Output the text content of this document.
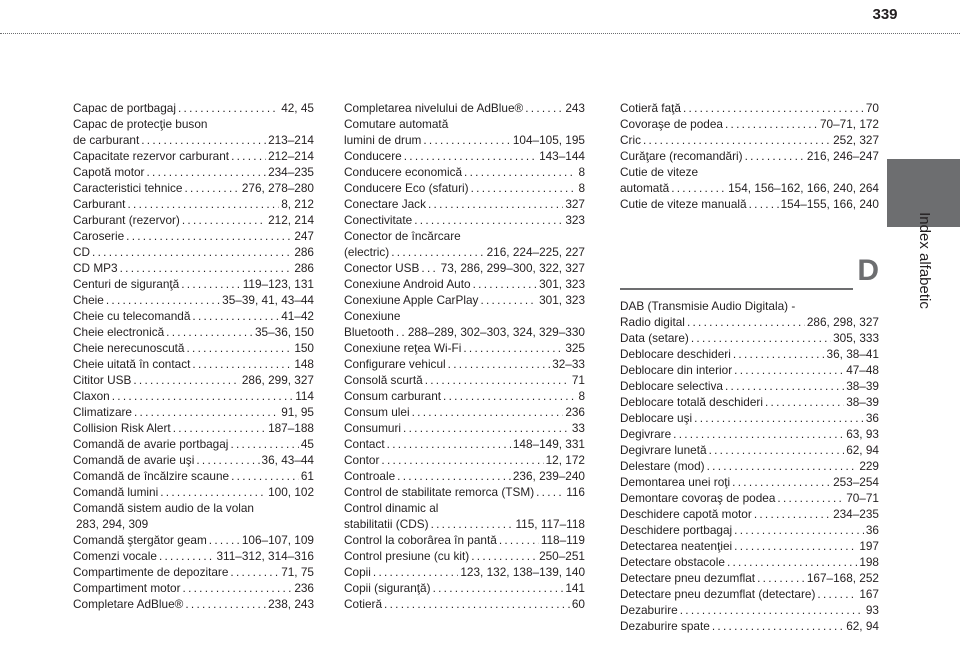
339
Index alfabetic
Capac de portbagaj . . .	42, 45
Capac de protecţie buson
de carburant . . .	213–214
Capacitate rezervor carburant . . .	212–214
Capotă motor . . .	234–235
Caracteristici tehnice . . .	276, 278–280
Carburant . . .	8, 212
Carburant (rezervor) . . .	212, 214
Caroserie . . .	247
CD . . .	286
CD MP3 . . .	286
Centuri de siguranţă . . .	119–123, 131
Cheie . . .	35–39, 41, 43–44
Cheie cu telecomandă . . .	41–42
Cheie electronică . . .	35–36, 150
Cheie nerecunoscută . . .	150
Cheie uitată în contact . . .	148
Cititor USB . . .	286, 299, 327
Claxon . . .	114
Climatizare . . .	91, 95
Collision Risk Alert . . .	187–188
Comandă de avarie portbagaj . . .	45
Comandă de avarie uşi . . .	36, 43–44
Comandă de încălzire scaune . . .	61
Comandă lumini . . .	100, 102
Comandă sistem audio de la volan
283, 294, 309
Comandă ştergător geam . . .	106–107, 109
Comenzi vocale . . .	311–312, 314–316
Compartimente de depozitare . . .	71, 75
Compartiment motor . . .	236
Completare AdBlue® . . .	238, 243
Completarea nivelului de AdBlue® . . .	243
Comutare automată
lumini de drum . . .	104–105, 195
Conducere . . .	143–144
Conducere economică . . .	8
Conducere Eco (sfaturi) . . .	8
Conectare Jack . . .	327
Conectivitate . . .	323
Conector de încărcare
(electric) . . .	216, 224–225, 227
Conector USB . . . 73, 286, 299–300, 322, 327
Conexiune Android Auto . . .	301, 323
Conexiune Apple CarPlay . . .	301, 323
Conexiune
Bluetooth . . . 288–289, 302–303, 324, 329–330
Conexiune reţea Wi-Fi . . .	325
Configurare vehicul . . .	32–33
Consolă scurtă . . .	71
Consum carburant . . .	8
Consum ulei . . .	236
Consumuri . . .	33
Contact . . .	148–149, 331
Contor . . .	12, 172
Controale . . .	236, 239–240
Control de stabilitate remorca (TSM) . . .	116
Control dinamic al
stabilitatii (CDS) . . .	115, 117–118
Control la coborârea în pantă . . .	118–119
Control presiune (cu kit) . . .	250–251
Copii . . .	123, 132, 138–139, 140
Copii (siguranţă) . . .	141
Cotieră . . .	60
Cotieră faţă . . .	70
Covoraşe de podea . . .	70–71, 172
Cric . . .	252, 327
Curăţare (recomandări) . . .	216, 246–247
Cutie de viteze
automată . . .	154, 156–162, 166, 240, 264
Cutie de viteze manuală . . .	154–155, 166, 240
D
DAB (Transmisie Audio Digitala) -
Radio digital . . .	286, 298, 327
Data (setare) . . .	305, 333
Deblocare deschideri . . .	36, 38–41
Deblocare din interior . . .	47–48
Deblocare selectiva . . .	38–39
Deblocare totală deschideri . . .	38–39
Deblocare uşi . . .	36
Degivrare . . .	63, 93
Degivrare lunetă . . .	62, 94
Delestare (mod) . . .	229
Demontarea unei roţi . . .	253–254
Demontare covoraş de podea . . .	70–71
Deschidere capotă motor . . .	234–235
Deschidere portbagaj . . .	36
Detectarea neatenţiei . . .	197
Detectare obstacole . . .	198
Detectare pneu dezumflat . . .	167–168, 252
Detectare pneu dezumflat (detectare) . . .	167
Dezaburire . . .	93
Dezaburire spate . . .	62, 94
